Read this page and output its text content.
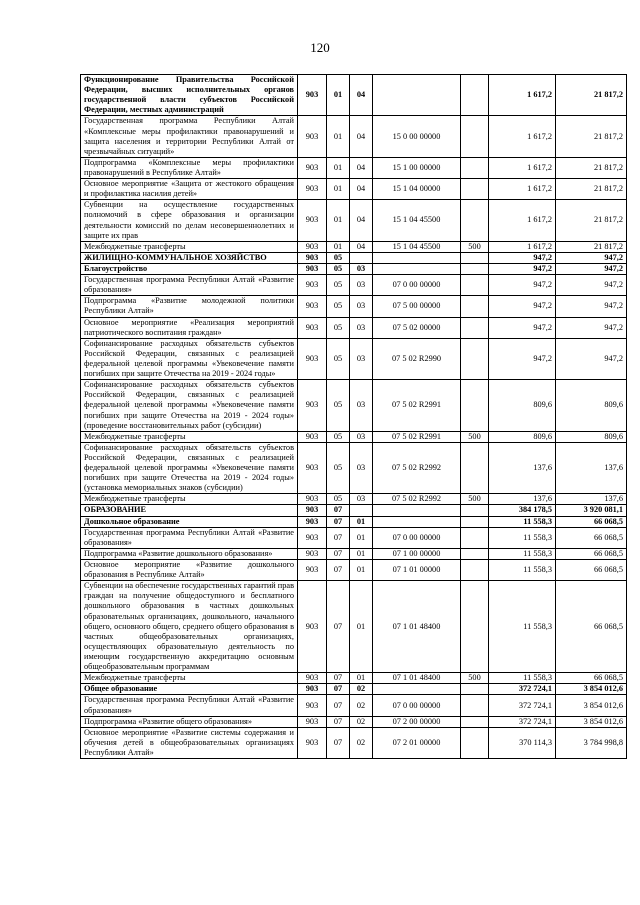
120
Функционирование Правительства Российской Федерации, высших исполнительных органов государственной власти субъектов Российской Федерации, местных администраций	903	01	04			1 617,2	21 817,2
Государственная программа Республики Алтай «Комплексные меры профилактики правонарушений и защита населения и территории Республики Алтай от чрезвычайных ситуаций»	903	01	04	15 0 00 00000		1 617,2	21 817,2
Подпрограмма «Комплексные меры профилактики правонарушений в Республике Алтай»	903	01	04	15 1 00 00000		1 617,2	21 817,2
Основное мероприятие «Защита от жестокого обращения и профилактика насилия детей»	903	01	04	15 1 04 00000		1 617,2	21 817,2
Субвенции на осуществление государственных полномочий в сфере образования и организации деятельности комиссий по делам несовершеннолетних и защите их прав	903	01	04	15 1 04 45500		1 617,2	21 817,2
Межбюджетные трансферты	903	01	04	15 1 04 45500	500	1 617,2	21 817,2
ЖИЛИЩНО-КОММУНАЛЬНОЕ ХОЗЯЙСТВО	903	05				947,2	947,2
Благоустройство	903	05	03			947,2	947,2
Государственная программа Республики Алтай «Развитие образования»	903	05	03	07 0 00 00000		947,2	947,2
Подпрограмма «Развитие молодежной политики Республики Алтай»	903	05	03	07 5 00 00000		947,2	947,2
Основное мероприятие «Реализация мероприятий патриотического воспитания граждан»	903	05	03	07 5 02 00000		947,2	947,2
Софинансирование расходных обязательств субъектов Российской Федерации, связанных с реализацией федеральной целевой программы «Увековечение памяти погибших при защите Отечества на 2019 - 2024 годы»	903	05	03	07 5 02 R2990		947,2	947,2
Софинансирование расходных обязательств субъектов Российской Федерации, связанных с реализацией федеральной целевой программы «Увековечение памяти погибших при защите Отечества на 2019 - 2024 годы» (проведение восстановительных работ (субсидии)	903	05	03	07 5 02 R2991		809,6	809,6
Межбюджетные трансферты	903	05	03	07 5 02 R2991	500	809,6	809,6
Софинансирование расходных обязательств субъектов Российской Федерации, связанных с реализацией федеральной целевой программы «Увековечение памяти погибших при защите Отечества на 2019 - 2024 годы» (установка мемориальных знаков (субсидии)	903	05	03	07 5 02 R2992		137,6	137,6
Межбюджетные трансферты	903	05	03	07 5 02 R2992	500	137,6	137,6
ОБРАЗОВАНИЕ	903	07				384 178,5	3 920 081,1
Дошкольное образование	903	07	01			11 558,3	66 068,5
Государственная программа Республики Алтай «Развитие образования»	903	07	01	07 0 00 00000		11 558,3	66 068,5
Подпрограмма «Развитие дошкольного образования»	903	07	01	07 1 00 00000		11 558,3	66 068,5
Основное мероприятие «Развитие дошкольного образования в Республике Алтай»	903	07	01	07 1 01 00000		11 558,3	66 068,5
Субвенции на обеспечение государственных гарантий прав граждан на получение общедоступного и бесплатного дошкольного образования в частных дошкольных образовательных организациях, дошкольного, начального общего, основного общего, среднего общего образования в частных общеобразовательных организациях, осуществляющих образовательную деятельность по имеющим государственную аккредитацию основным общеобразовательным программам	903	07	01	07 1 01 48400		11 558,3	66 068,5
Межбюджетные трансферты	903	07	01	07 1 01 48400	500	11 558,3	66 068,5
Общее образование	903	07	02			372 724,1	3 854 012,6
Государственная программа Республики Алтай «Развитие образования»	903	07	02	07 0 00 00000		372 724,1	3 854 012,6
Подпрограмма «Развитие общего образования»	903	07	02	07 2 00 00000		372 724,1	3 854 012,6
Основное мероприятие «Развитие системы содержания и обучения детей в общеобразовательных организациях Республики Алтай»	903	07	02	07 2 01 00000		370 114,3	3 784 998,8
